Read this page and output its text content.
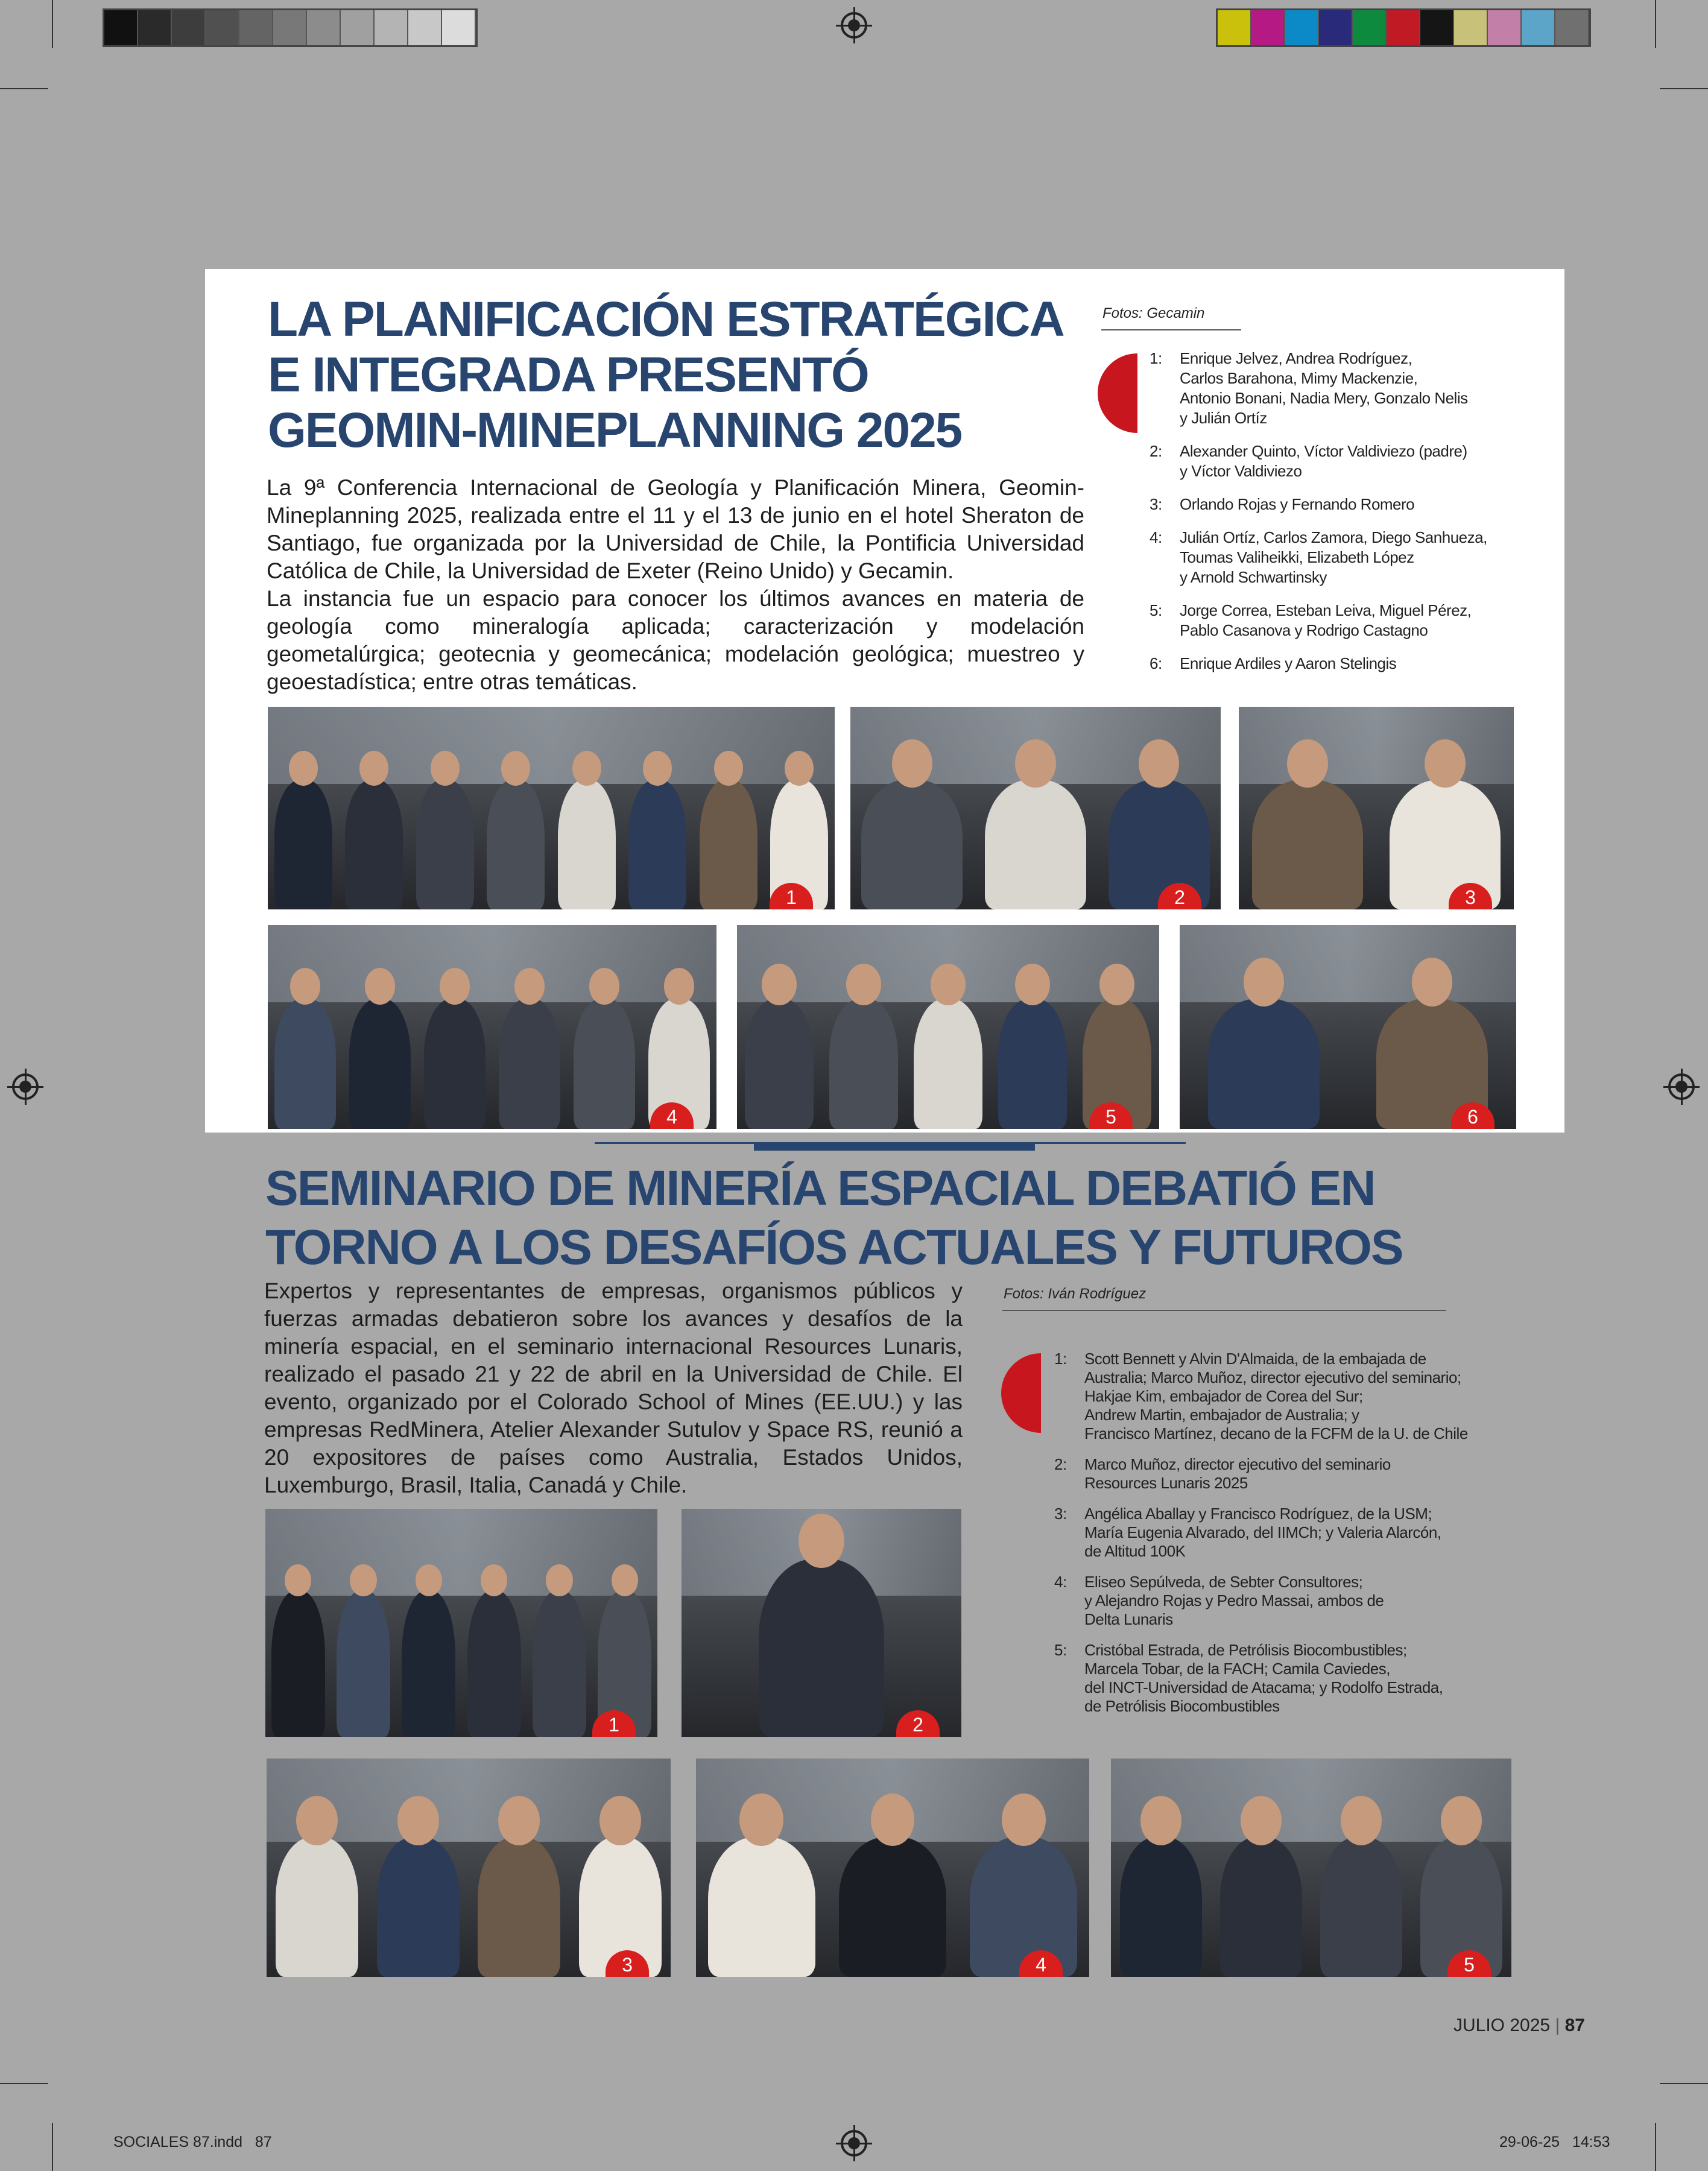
LA PLANIFICACIÓN ESTRATÉGICA
E INTEGRADA PRESENTÓ
GEOMIN-MINEPLANNING 2025

La 9ª Conferencia Internacional de Geología y Planificación Minera, Geomin-Mineplanning 2025, realizada entre el 11 y el 13 de junio en el hotel Sheraton de Santiago, fue organizada por la Universidad de Chile, la Pontificia Universidad Católica de Chile, la Universidad de Exeter (Reino Unido) y Gecamin.

La instancia fue un espacio para conocer los últimos avances en materia de geología como mineralogía aplicada; caracterización y modelación geometalúrgica; geotecnia y geomecánica; modelación geológica; muestreo y geoestadística; entre otras temáticas.

Fotos: Gecamin
1: Enrique Jelvez, Andrea Rodríguez,
Carlos Barahona, Mimy Mackenzie,
Antonio Bonani, Nadia Mery, Gonzalo Nelis
y Julián Ortíz
2: Alexander Quinto, Víctor Valdiviezo (padre)
y Víctor Valdiviezo
3: Orlando Rojas y Fernando Romero
4: Julián Ortíz, Carlos Zamora, Diego Sanhueza,
Toumas Valiheikki, Elizabeth López
y Arnold Schwartinsky
5: Jorge Correa, Esteban Leiva, Miguel Pérez,
Pablo Casanova y Rodrigo Castagno
6: Enrique Ardiles y Aaron Stelingis
1	2	3
4	5	6
SEMINARIO DE MINERÍA ESPACIAL DEBATIÓ EN
TORNO A LOS DESAFÍOS ACTUALES Y FUTUROS

Expertos y representantes de empresas, organismos públicos y fuerzas armadas debatieron sobre los avances y desafíos de la minería espacial, en el seminario internacional Resources Lunaris, realizado el pasado 21 y 22 de abril en la Universidad de Chile. El evento, organizado por el Colorado School of Mines (EE.UU.) y las empresas RedMinera, Atelier Alexander Sutulov y Space RS, reunió a 20 expositores de países como Australia, Estados Unidos, Luxemburgo, Brasil, Italia, Canadá y Chile.

Fotos: Iván Rodríguez
1: Scott Bennett y Alvin D'Almaida, de la embajada de
Australia; Marco Muñoz, director ejecutivo del seminario;
Hakjae Kim, embajador de Corea del Sur;
Andrew Martin, embajador de Australia; y
Francisco Martínez, decano de la FCFM de la U. de Chile
2: Marco Muñoz, director ejecutivo del seminario
Resources Lunaris 2025
3: Angélica Aballay y Francisco Rodríguez, de la USM;
María Eugenia Alvarado, del IIMCh; y Valeria Alarcón,
de Altitud 100K
4: Eliseo Sepúlveda, de Sebter Consultores;
y Alejandro Rojas y Pedro Massai, ambos de
Delta Lunaris
5: Cristóbal Estrada, de Petrólisis Biocombustibles;
Marcela Tobar, de la FACH; Camila Caviedes,
del INCT-Universidad de Atacama; y Rodolfo Estrada,
de Petrólisis Biocombustibles
1	2
3	4	5
JULIO 2025 | 87
SOCIALES 87.indd   87	29-06-25   14:53
